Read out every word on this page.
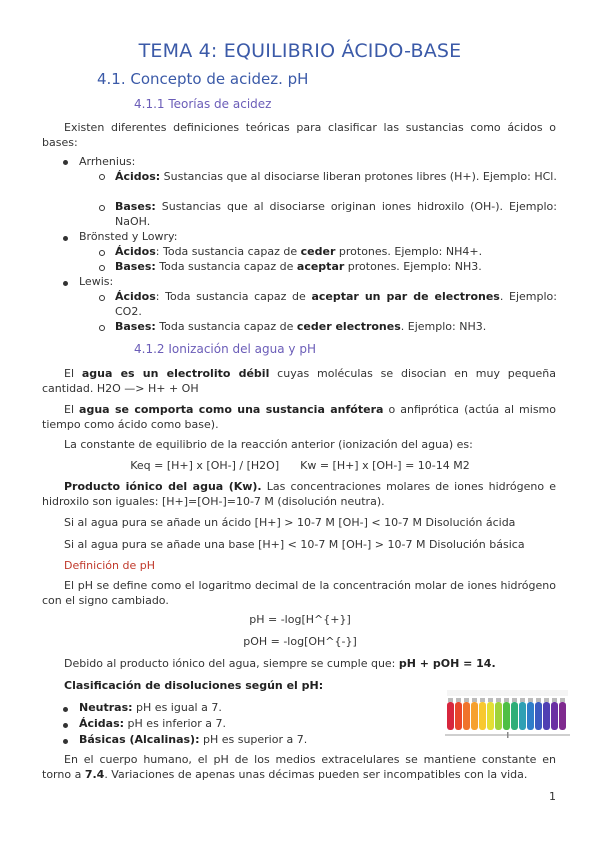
TEMA 4: EQUILIBRIO ÁCIDO-BASE
4.1. Concepto de acidez. pH
4.1.1 Teorías de acidez
Existen diferentes definiciones teóricas para clasificar las sustancias como ácidos o bases:
Arrhenius:
Ácidos: Sustancias que al disociarse liberan protones libres (H+). Ejemplo: HCl.
Bases: Sustancias que al disociarse originan iones hidroxilo (OH-). Ejemplo: NaOH.
Brönsted y Lowry:
Ácidos: Toda sustancia capaz de ceder protones. Ejemplo: NH4+.
Bases: Toda sustancia capaz de aceptar protones. Ejemplo: NH3.
Lewis:
Ácidos: Toda sustancia capaz de aceptar un par de electrones. Ejemplo: CO2.
Bases: Toda sustancia capaz de ceder electrones. Ejemplo: NH3.
4.1.2 Ionización del agua y pH
El agua es un electrolito débil cuyas moléculas se disocian en muy pequeña cantidad. H2O —> H+ + OH
El agua se comporta como una sustancia anfótera o anfiprótica (actúa al mismo tiempo como ácido como base).
La constante de equilibrio de la reacción anterior (ionización del agua) es:
Keq = [H+] x [OH-] / [H2O]      Kw = [H+] x [OH-] = 10-14 M2
Producto iónico del agua (Kw). Las concentraciones molares de iones hidrógeno e hidroxilo son iguales: [H+]=[OH-]=10-7 M (disolución neutra).
Si al agua pura se añade un ácido [H+] > 10-7 M [OH-] < 10-7 M Disolución ácida
Si al agua pura se añade una base [H+] < 10-7 M [OH-] > 10-7 M Disolución básica
Definición de pH
El pH se define como el logaritmo decimal de la concentración molar de iones hidrógeno con el signo cambiado.
pH = -log[H^{+}]
pOH = -log[OH^{-}]
Debido al producto iónico del agua, siempre se cumple que: pH + pOH = 14.
Clasificación de disoluciones según el pH:
Neutras: pH es igual a 7.
Ácidas: pH es inferior a 7.
Básicas (Alcalinas): pH es superior a 7.
En el cuerpo humano, el pH de los medios extracelulares se mantiene constante en torno a 7.4. Variaciones de apenas unas décimas pueden ser incompatibles con la vida.
1
